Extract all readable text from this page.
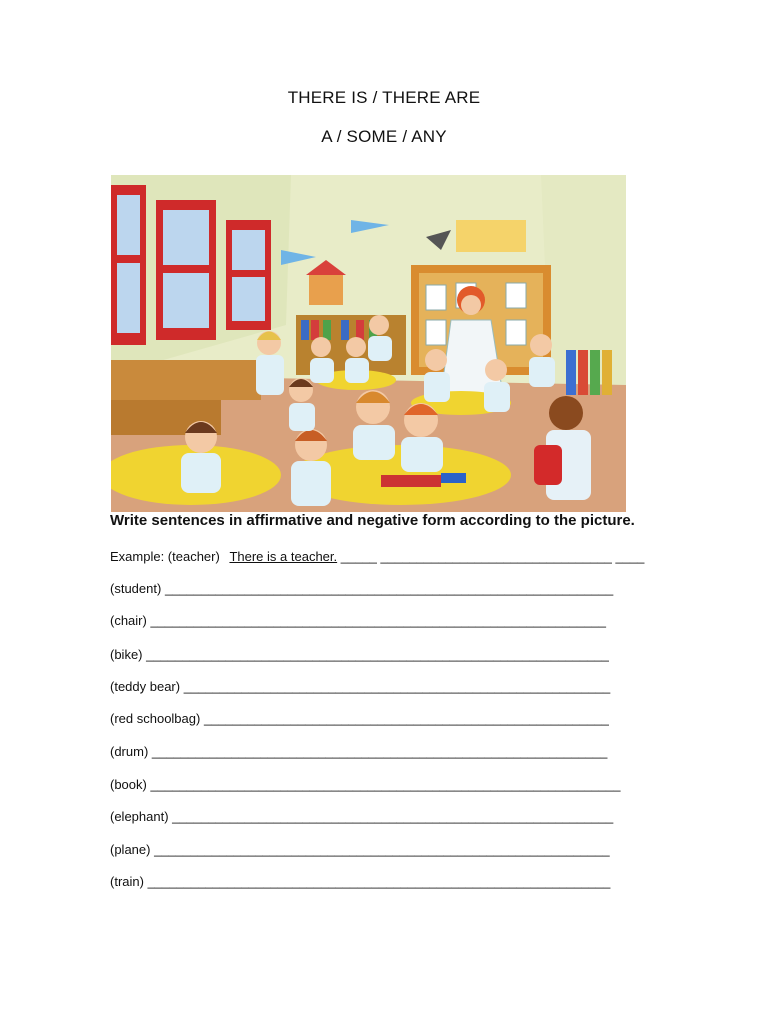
THERE IS / THERE ARE
A / SOME / ANY
Write sentences in affirmative and negative form according to the picture.
Example: (teacher) There is a teacher. _____ ________________________________ ____
(student) ______________________________________________________________
(chair) _______________________________________________________________
(bike) ________________________________________________________________
(teddy bear) ___________________________________________________________
(red schoolbag) ________________________________________________________
(drum) _______________________________________________________________
(book) _________________________________________________________________
(elephant) _____________________________________________________________
(plane) _______________________________________________________________
(train) ________________________________________________________________
